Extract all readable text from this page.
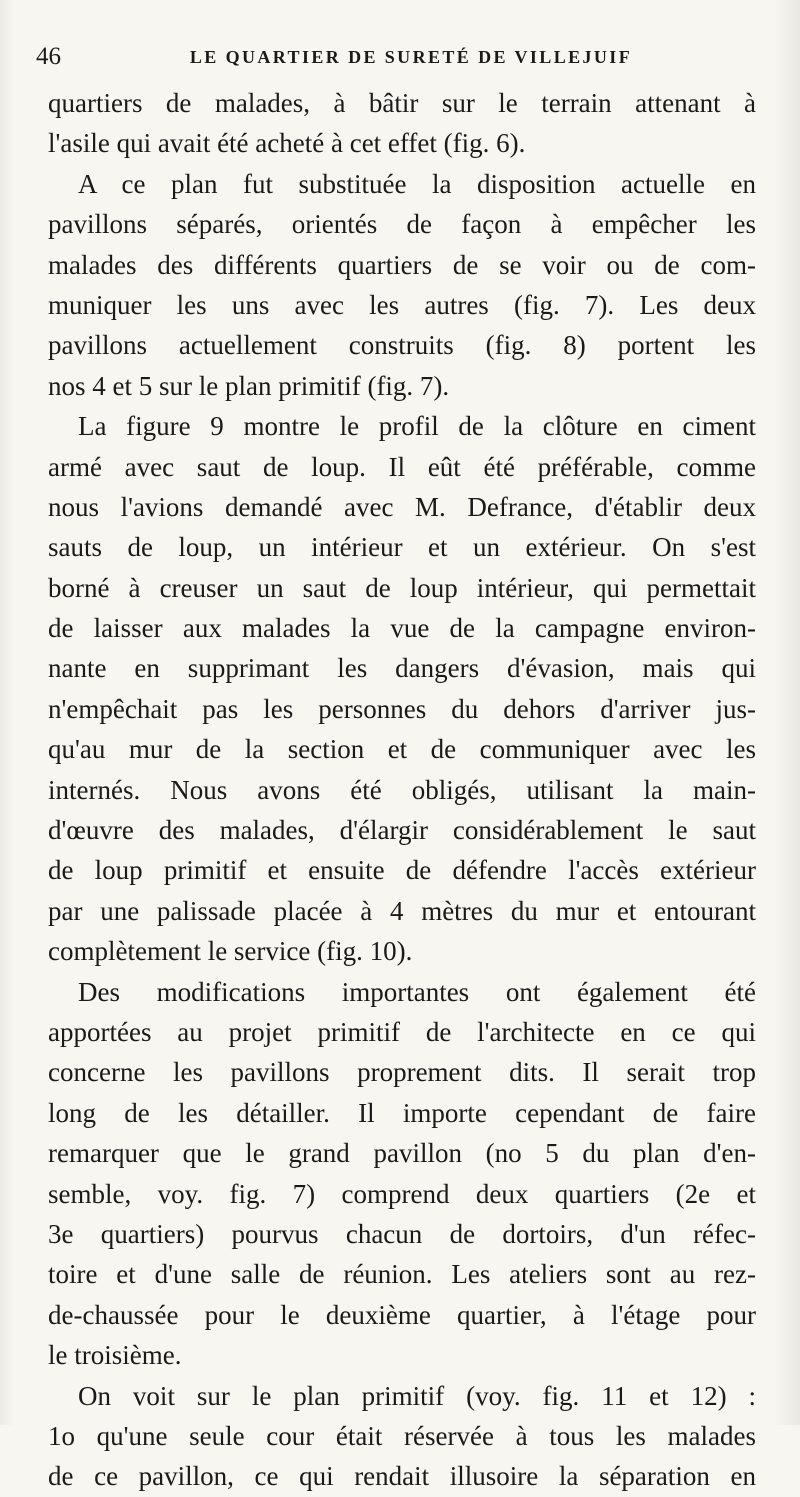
46	LE QUARTIER DE SURETÉ DE VILLEJUIF
quartiers de malades, à bâtir sur le terrain attenant à
l'asile qui avait été acheté à cet effet (fig. 6).
A ce plan fut substituée la disposition actuelle en
pavillons séparés, orientés de façon à empêcher les
malades des différents quartiers de se voir ou de com-
muniquer les uns avec les autres (fig. 7). Les deux
pavillons actuellement construits (fig. 8) portent les
nos 4 et 5 sur le plan primitif (fig. 7).
La figure 9 montre le profil de la clôture en ciment
armé avec saut de loup. Il eût été préférable, comme
nous l'avions demandé avec M. Defrance, d'établir deux
sauts de loup, un intérieur et un extérieur. On s'est
borné à creuser un saut de loup intérieur, qui permettait
de laisser aux malades la vue de la campagne environ-
nante en supprimant les dangers d'évasion, mais qui
n'empêchait pas les personnes du dehors d'arriver jus-
qu'au mur de la section et de communiquer avec les
internés. Nous avons été obligés, utilisant la main-
d'œuvre des malades, d'élargir considérablement le saut
de loup primitif et ensuite de défendre l'accès extérieur
par une palissade placée à 4 mètres du mur et entourant
complètement le service (fig. 10).
Des modifications importantes ont également été
apportées au projet primitif de l'architecte en ce qui
concerne les pavillons proprement dits. Il serait trop
long de les détailler. Il importe cependant de faire
remarquer que le grand pavillon (no 5 du plan d'en-
semble, voy. fig. 7) comprend deux quartiers (2e et
3e quartiers) pourvus chacun de dortoirs, d'un réfec-
toire et d'une salle de réunion. Les ateliers sont au rez-
de-chaussée pour le deuxième quartier, à l'étage pour
le troisième.
On voit sur le plan primitif (voy. fig. 11 et 12) :
1o qu'une seule cour était réservée à tous les malades
de ce pavillon, ce qui rendait illusoire la séparation en
